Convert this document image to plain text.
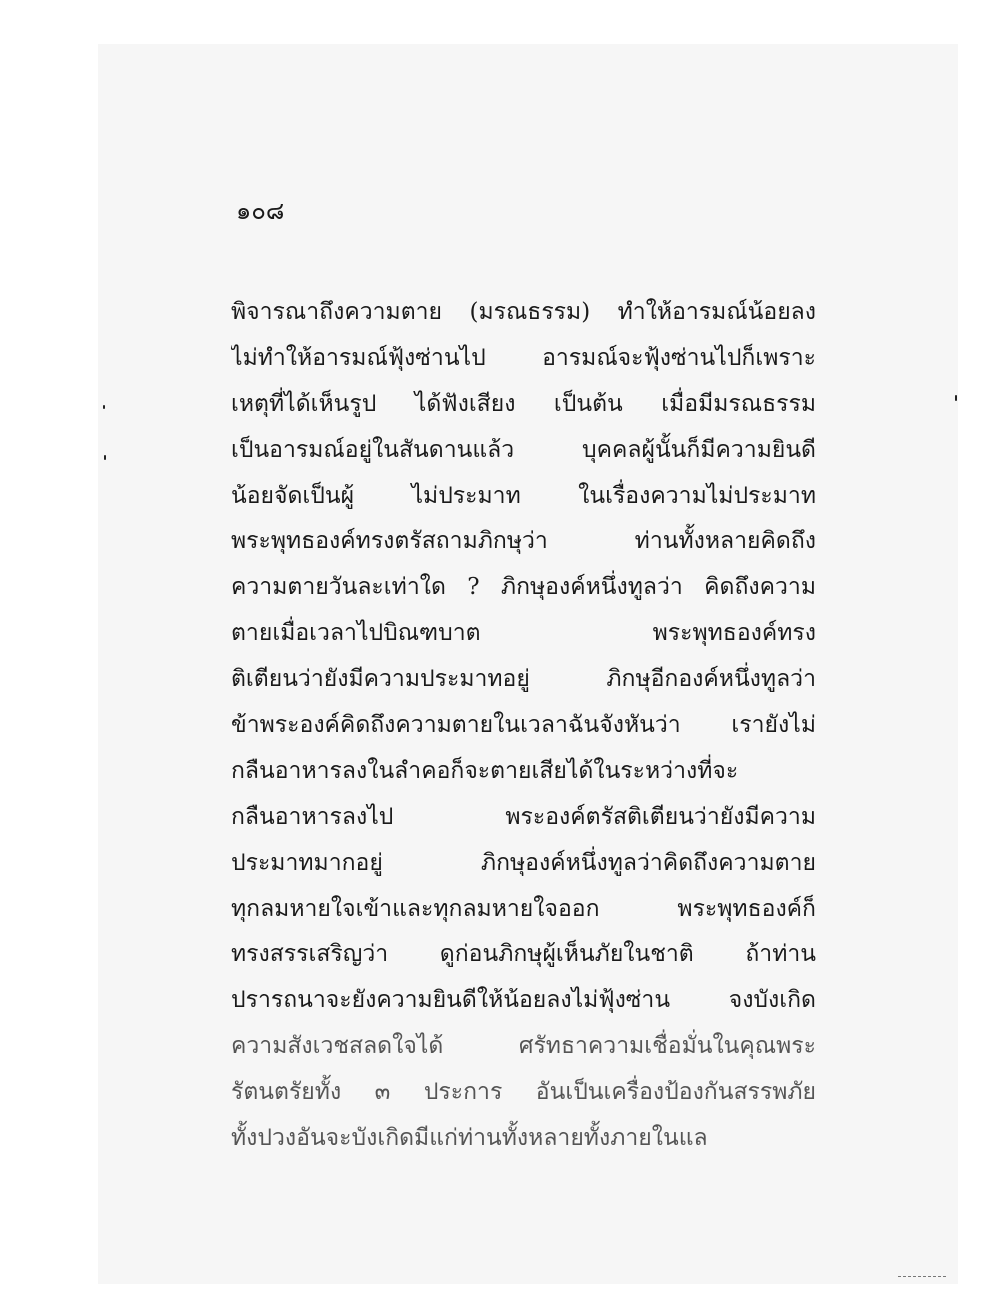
๑๐๘

พิจารณาถึงความตาย (มรณธรรม) ทำให้อารมณ์น้อยลง
ไม่ทำให้อารมณ์ฟุ้งซ่านไป อารมณ์จะฟุ้งซ่านไปก็เพราะ
เหตุที่ได้เห็นรูป ได้ฟังเสียง เป็นต้น เมื่อมีมรณธรรม
เป็นอารมณ์อยู่ในสันดานแล้ว บุคคลผู้นั้นก็มีความยินดี
น้อยจัดเป็นผู้ ไม่ประมาท ในเรื่องความไม่ประมาท
พระพุทธองค์ทรงตรัสถามภิกษุว่า ท่านทั้งหลายคิดถึง
ความตายวันละเท่าใด ? ภิกษุองค์หนึ่งทูลว่า คิดถึงความ
ตายเมื่อเวลาไปบิณฑบาต พระพุทธองค์ทรง
ติเตียนว่ายังมีความประมาทอยู่ ภิกษุอีกองค์หนึ่งทูลว่า
ข้าพระองค์คิดถึงความตายในเวลาฉันจังหันว่า เรายังไม่
กลืนอาหารลงในลำคอก็จะตายเสียได้ในระหว่างที่จะ
กลืนอาหารลงไป พระองค์ตรัสติเตียนว่ายังมีความ
ประมาทมากอยู่ ภิกษุองค์หนึ่งทูลว่าคิดถึงความตาย
ทุกลมหายใจเข้าและทุกลมหายใจออก พระพุทธองค์ก็
ทรงสรรเสริญว่า ดูก่อนภิกษุผู้เห็นภัยในชาติ ถ้าท่าน
ปรารถนาจะยังความยินดีให้น้อยลงไม่ฟุ้งซ่าน จงบังเกิด
ความสังเวชสลดใจได้ ศรัทธาความเชื่อมั่นในคุณพระ
รัตนตรัยทั้ง ๓ ประการ อันเป็นเครื่องป้องกันสรรพภัย
ทั้งปวงอันจะบังเกิดมีแก่ท่านทั้งหลายทั้งภายในแล
